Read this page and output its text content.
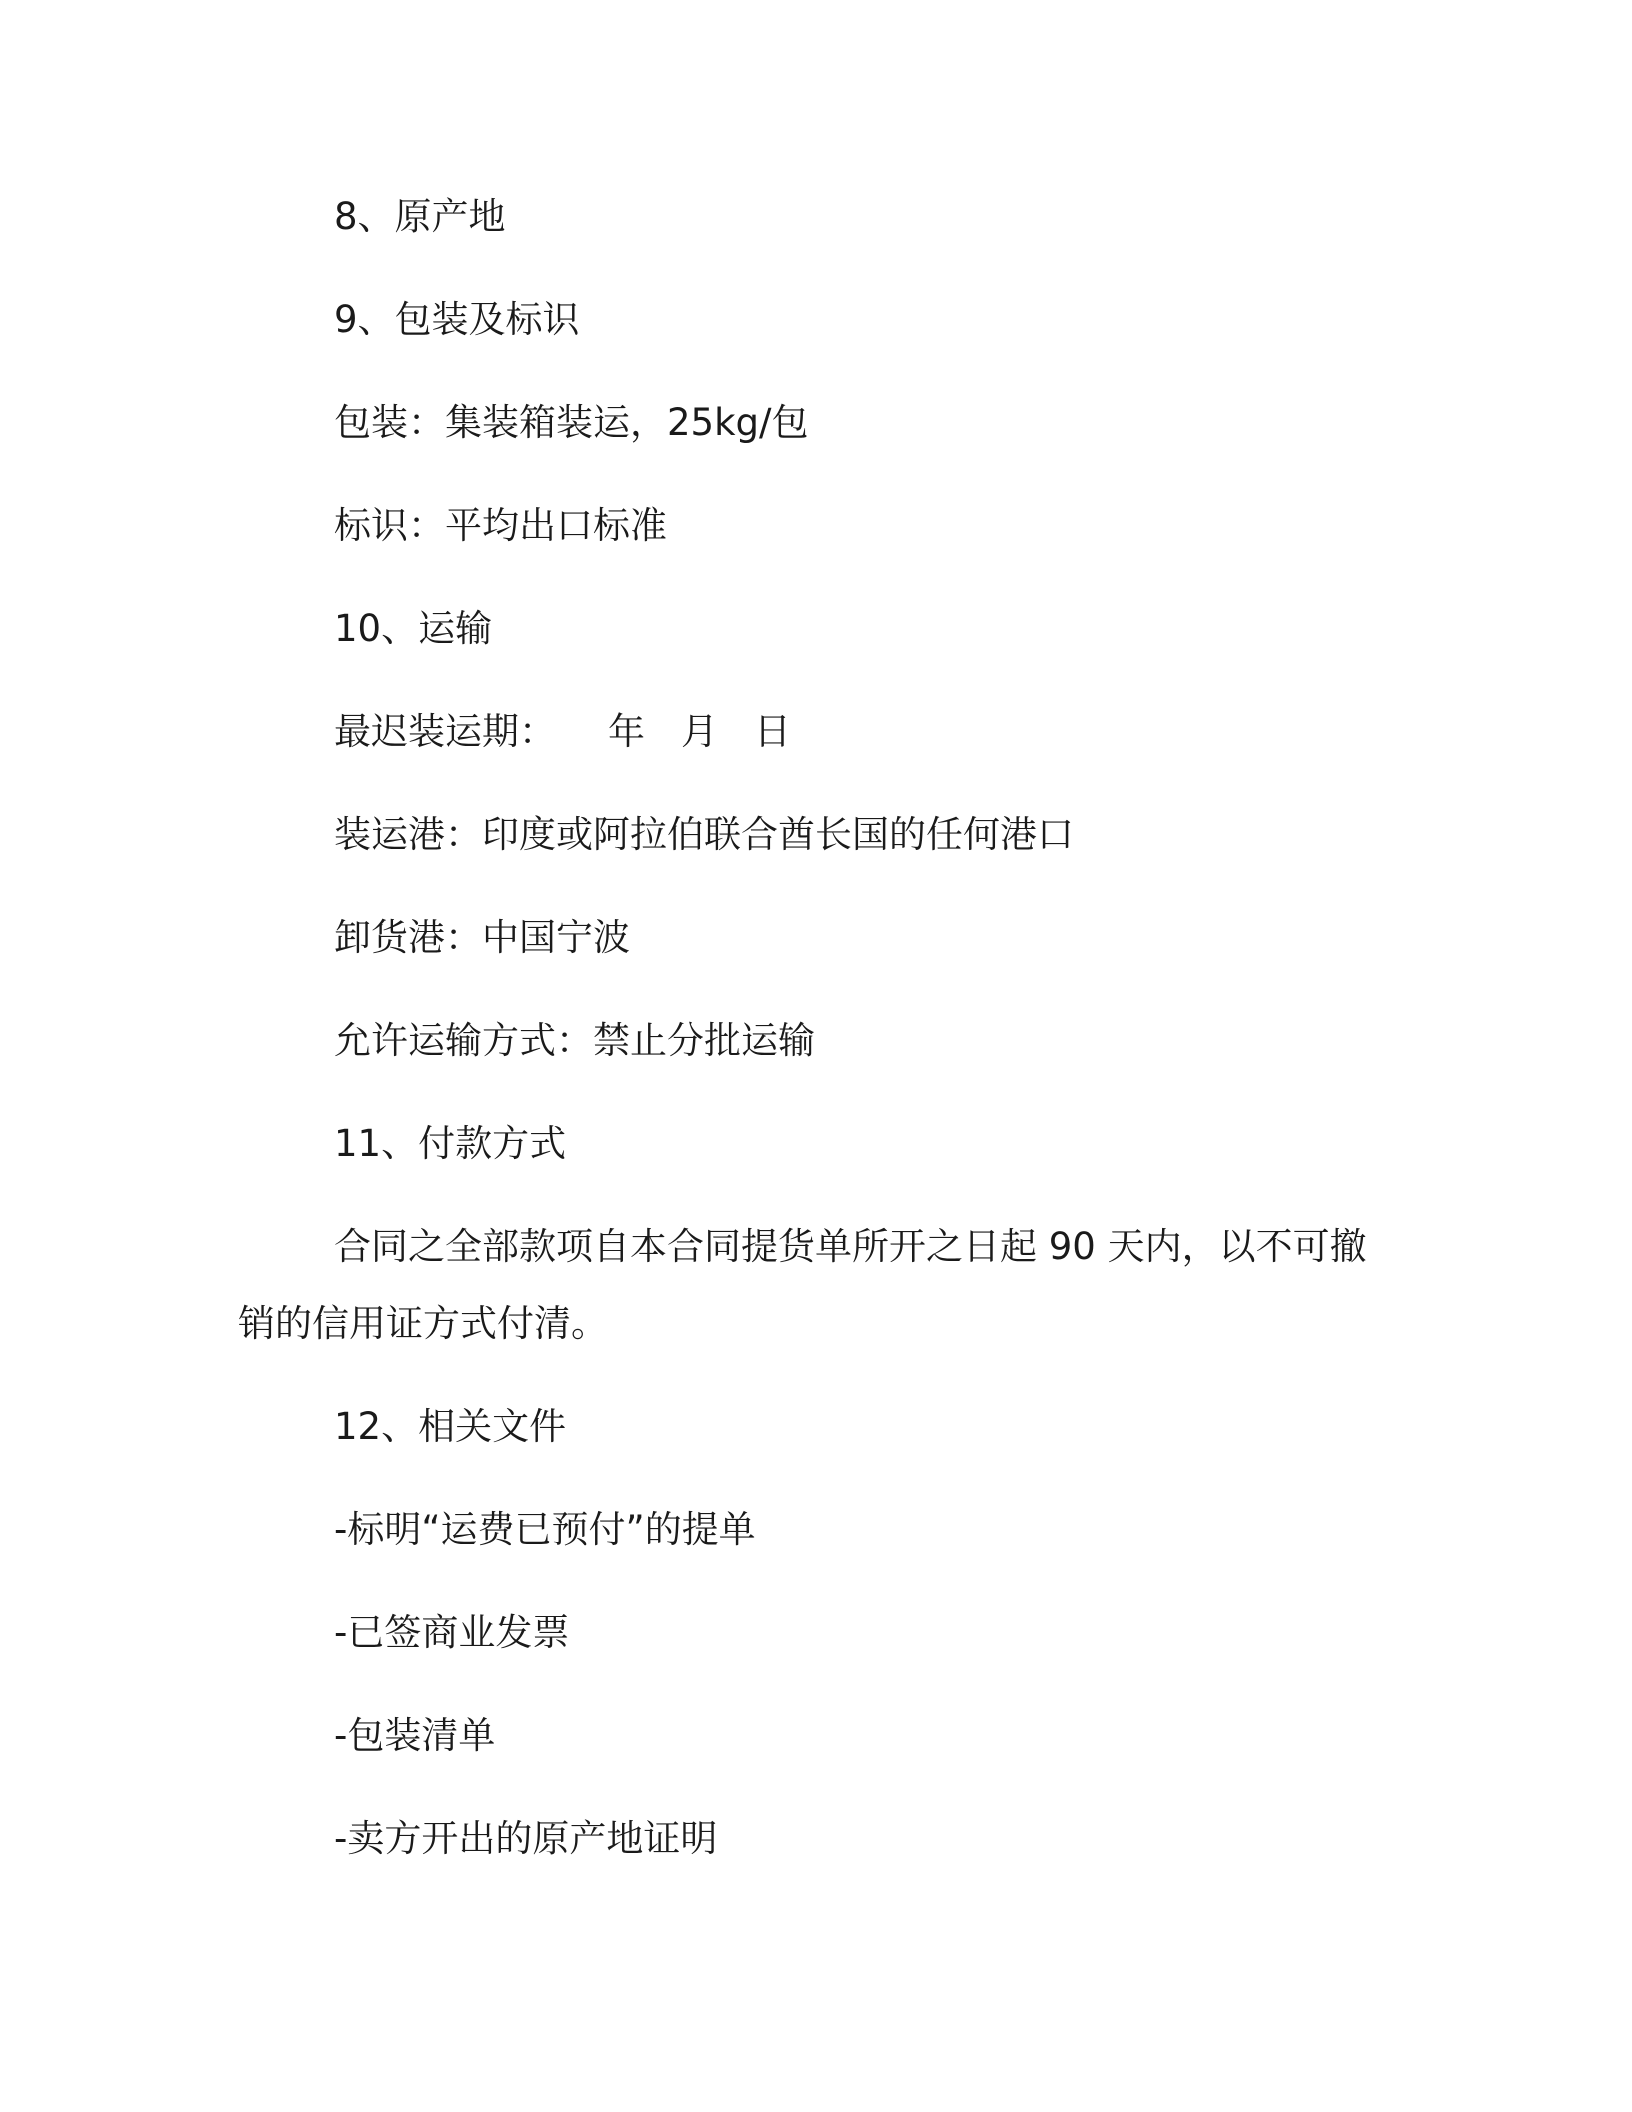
8、原产地

9、包装及标识

包装：集装箱装运，25kg/包

标识：平均出口标准

10、运输

最迟装运期： 年 月 日

装运港：印度或阿拉伯联合酋长国的任何港口

卸货港：中国宁波

允许运输方式：禁止分批运输

11、付款方式

合同之全部款项自本合同提货单所开之日起 90 天内，以不可撤销的信用证方式付清。

12、相关文件

-标明“运费已预付”的提单

-已签商业发票

-包装清单

-卖方开出的原产地证明
